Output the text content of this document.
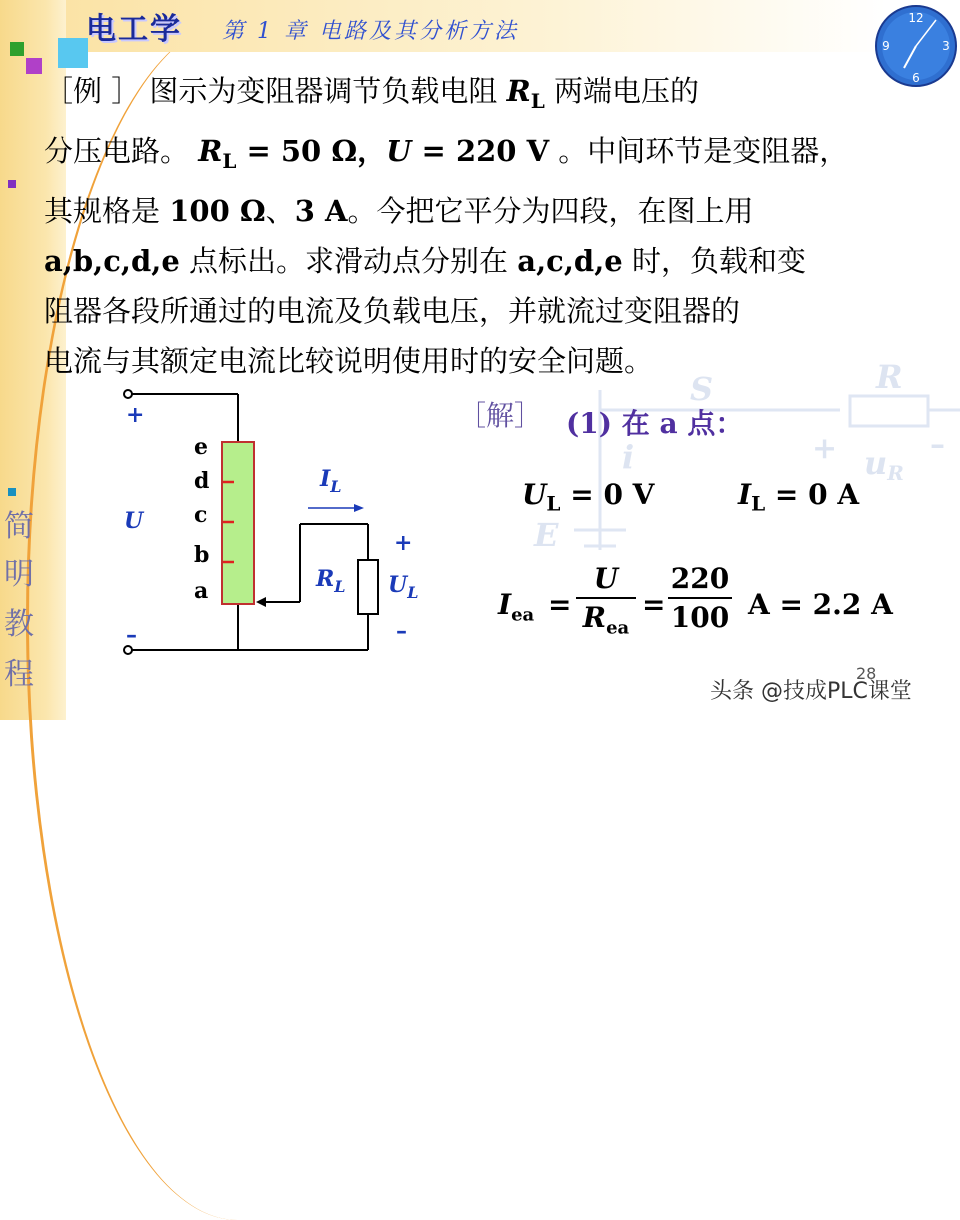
电工学 第 1 章 电路及其分析方法
简
明
教
程
12
3
6
9

［例 ］ 图示为变阻器调节负载电阻 $R_L$ 两端电压的

分压电路。 $R_L = 50$ Ω，U = 220 V 。中间环节是变阻器，

其规格是 100 Ω、3 A。今把它平分为四段，在图上用

a,b,c,d,e 点标出。求滑动点分别在 a,c,d,e 时，负载和变

阻器各段所通过的电流及负载电压，并就流过变阻器的

电流与其额定电流比较说明使用时的安全问题。

S	R
+	–
i	uR
E
+
U
–
e
d
c
b
a
$I_L$
$R_L$
+
$U_L$
–
［解］ (1) 在 a 点：
$U_L = 0$ V	$I_L = 0$ A
$I_{ea}$ =
U
$R_{ea}$
=
220
100 A = 2.2 A
28
头条 @技成PLC课堂
